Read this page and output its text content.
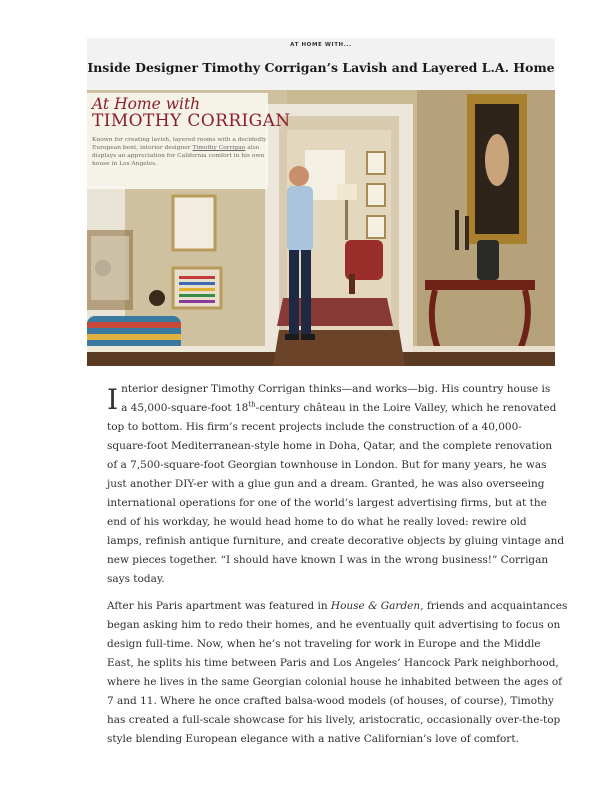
AT HOME WITH...
Inside Designer Timothy Corrigan’s Lavish and Layered L.A. Home
At Home with
TIMOTHY CORRIGAN
Known for creating lavish, layered rooms with a decidedly
European bent, interior designer Timothy Corrigan also
displays an appreciation for California comfort in his own
house in Los Angeles.

I nterior designer Timothy Corrigan thinks—and works—big. His country house is
a 45,000-square-foot 18th-century château in the Loire Valley, which he renovated
top to bottom. His firm’s recent projects include the construction of a 40,000-
square-foot Mediterranean-style home in Doha, Qatar, and the complete renovation
of a 7,500-square-foot Georgian townhouse in London. But for many years, he was
just another DIY-er with a glue gun and a dream. Granted, he was also overseeing
international operations for one of the world’s largest advertising firms, but at the
end of his workday, he would head home to do what he really loved: rewire old
lamps, refinish antique furniture, and create decorative objects by gluing vintage and
new pieces together. “I should have known I was in the wrong business!” Corrigan
says today.

After his Paris apartment was featured in House & Garden, friends and acquaintances
began asking him to redo their homes, and he eventually quit advertising to focus on
design full-time. Now, when he’s not traveling for work in Europe and the Middle
East, he splits his time between Paris and Los Angeles’ Hancock Park neighborhood,
where he lives in the same Georgian colonial house he inhabited between the ages of
7 and 11. Where he once crafted balsa-wood models (of houses, of course), Timothy
has created a full-scale showcase for his lively, aristocratic, occasionally over-the-top
style blending European elegance with a native Californian’s love of comfort.
